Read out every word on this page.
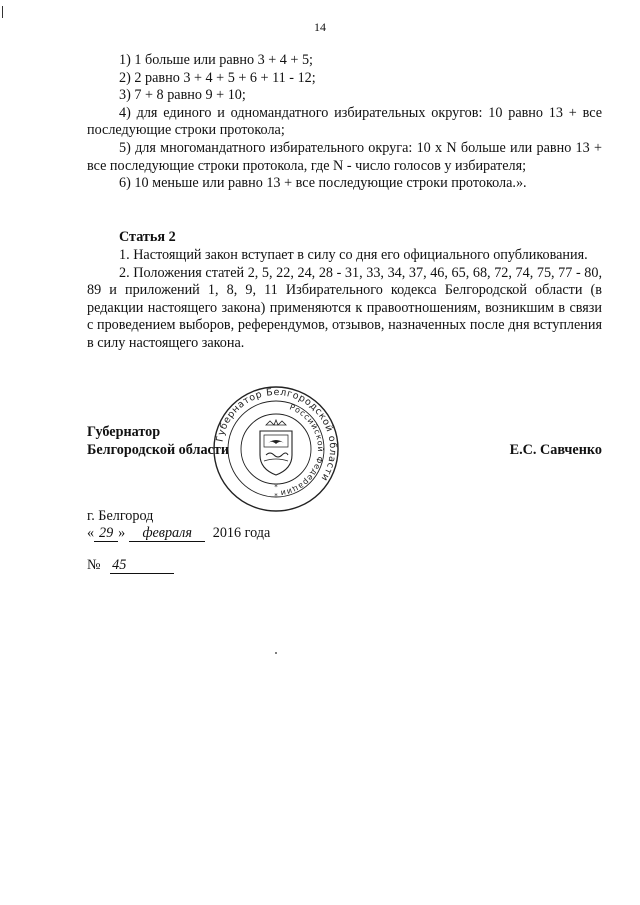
14

1) 1 больше или равно 3 + 4 + 5;

2) 2 равно 3 + 4 + 5 + 6 + 11 - 12;

3) 7 + 8 равно 9 + 10;

4) для единого и одномандатного избирательных округов: 10 равно 13 + все последующие строки протокола;

5) для многомандатного избирательного округа: 10 х N больше или равно 13 + все последующие строки протокола, где N - число голосов у избирателя;

6) 10 меньше или равно 13 + все последующие строки протокола.».

Статья 2

1. Настоящий закон вступает в силу со дня его официального опубликования.

2. Положения статей 2, 5, 22, 24, 28 - 31, 33, 34, 37, 46, 65, 68, 72, 74, 75, 77 - 80, 89 и приложений 1, 8, 9, 11 Избирательного кодекса Белгородской области (в редакции настоящего закона) применяются к правоотношениям, возникшим в связи с проведением выборов, референдумов, отзывов, назначенных после дня вступления в силу настоящего закона.

Губернатор
Белгородской области	Е.С. Савченко
Губернатор Белгородской области
Российской Федерации
*
*
г. Белгород
« 29 » февраля 2016 года
№ 45
